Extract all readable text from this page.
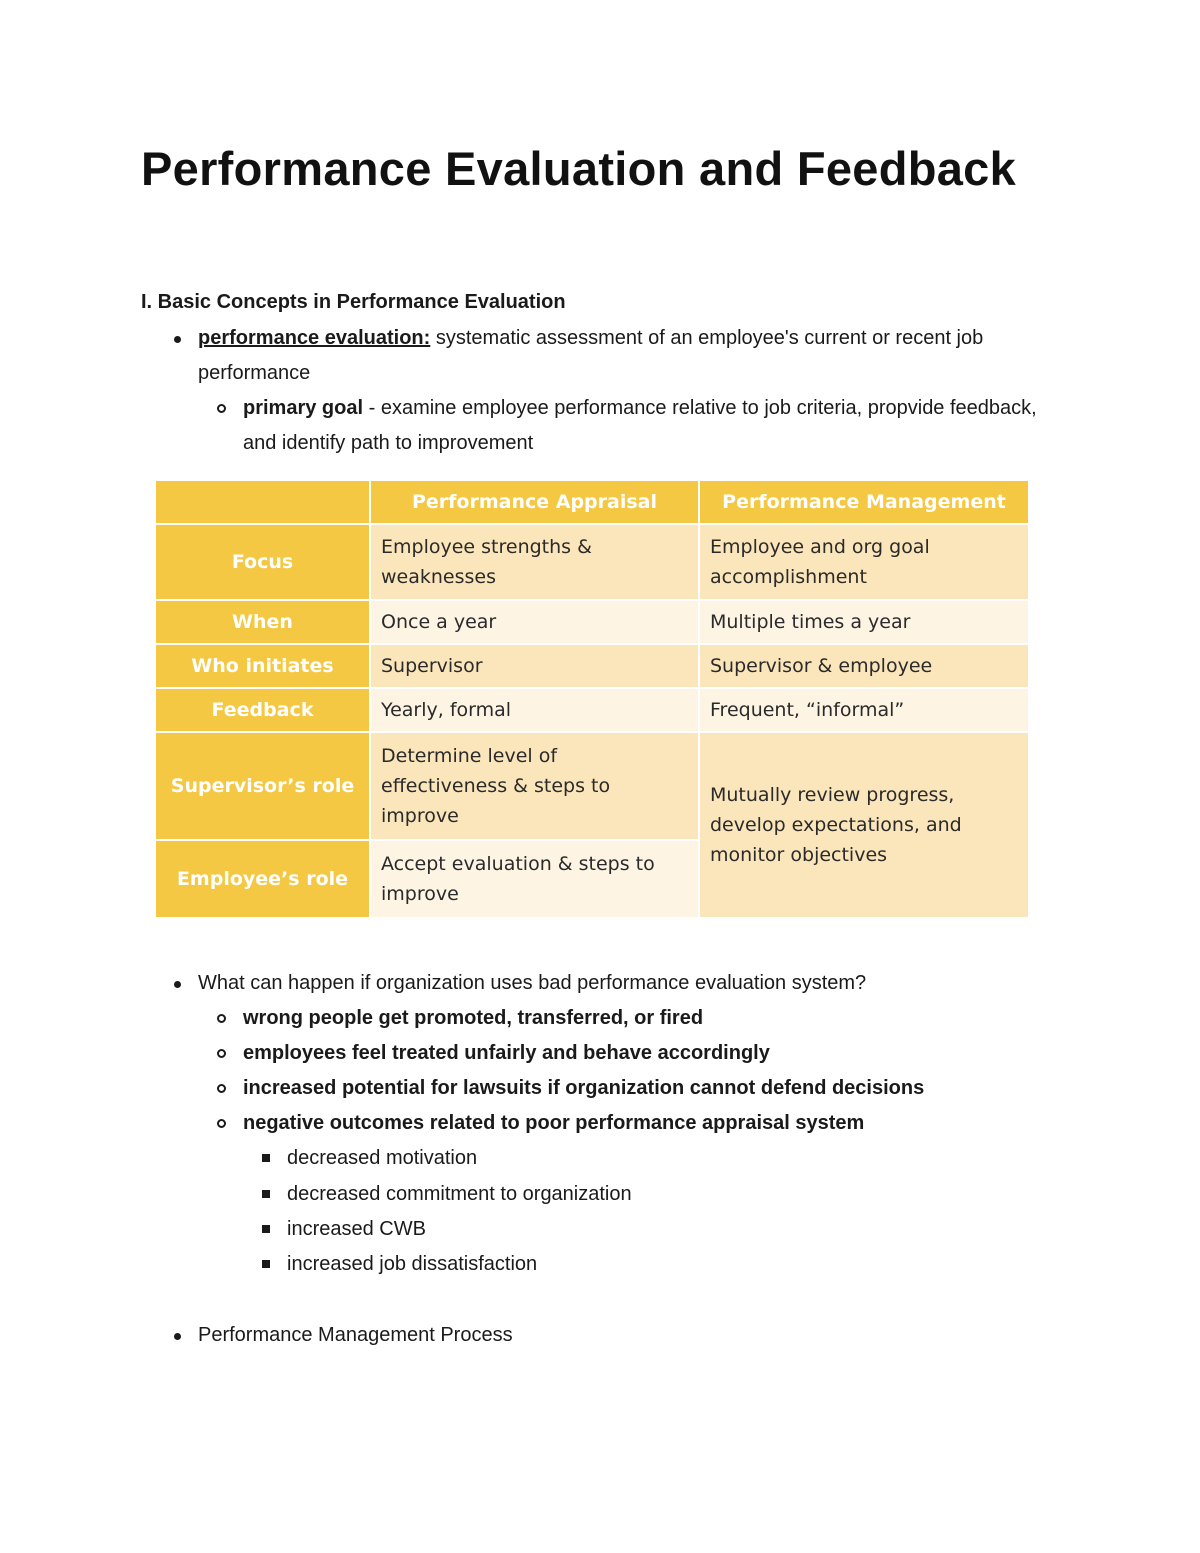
Performance Evaluation and Feedback
I. Basic Concepts in Performance Evaluation
performance evaluation: systematic assessment of an employee's current or recent job performance
primary goal - examine employee performance relative to job criteria, propvide feedback, and identify path to improvement
	Performance Appraisal	Performance Management
Focus	Employee strengths & weaknesses	Employee and org goal accomplishment
When	Once a year	Multiple times a year
Who initiates	Supervisor	Supervisor & employee
Feedback	Yearly, formal	Frequent, “informal”
Supervisor’s role	Determine level of effectiveness & steps to improve	Mutually review progress, develop expectations, and monitor objectives
Employee’s role	Accept evaluation & steps to improve	
What can happen if organization uses bad performance evaluation system?
wrong people get promoted, transferred, or fired
employees feel treated unfairly and behave accordingly
increased potential for lawsuits if organization cannot defend decisions
negative outcomes related to poor performance appraisal system
decreased motivation
decreased commitment to organization
increased CWB
increased job dissatisfaction
Performance Management Process
